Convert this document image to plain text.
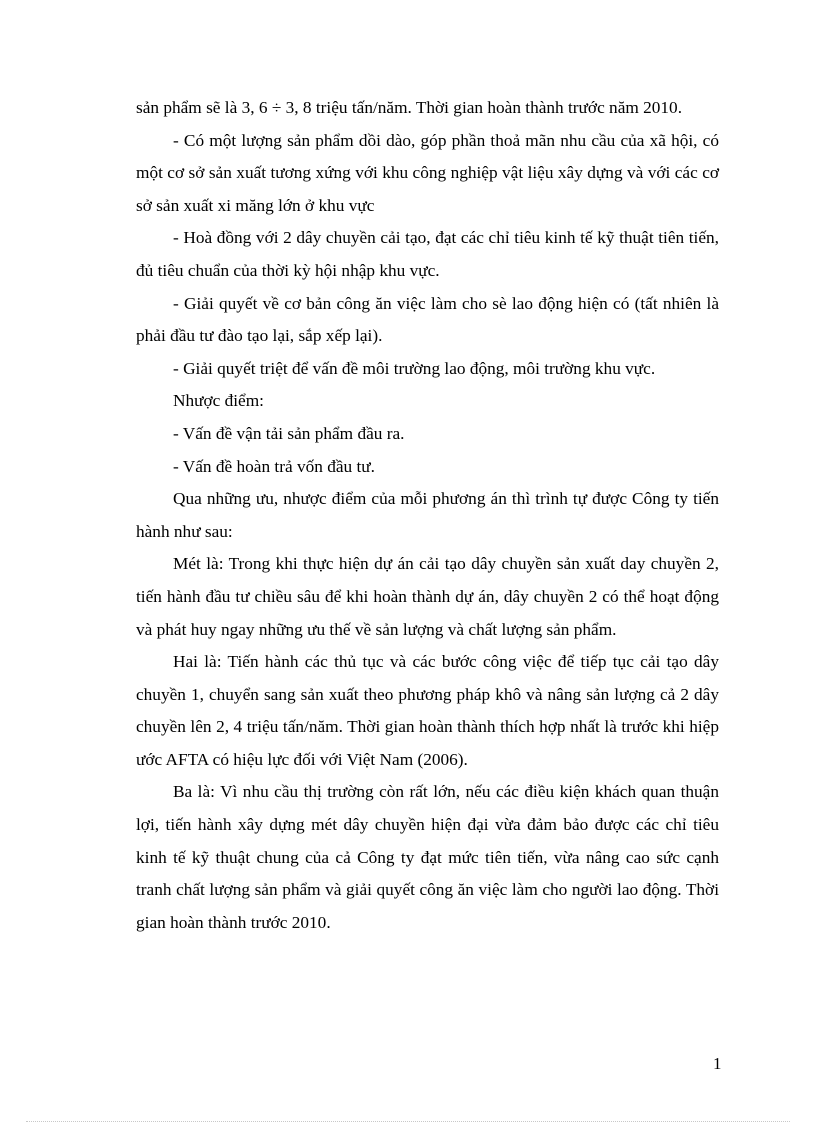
sản phẩm sẽ là 3, 6 ÷ 3, 8 triệu tấn/năm. Thời gian hoàn thành trước năm 2010.

- Có một lượng sản phẩm dồi dào, góp phần thoả mãn nhu cầu của xã hội, có một cơ sở sản xuất tương xứng với khu công nghiệp vật liệu xây dựng và với các cơ sở sản xuất xi măng lớn ở khu vực

- Hoà đồng với 2 dây chuyền cải tạo, đạt các chỉ tiêu kinh tế kỹ thuật tiên tiến, đủ tiêu chuẩn của thời kỳ hội nhập khu vực.

- Giải quyết về cơ bản công ăn việc làm cho sè lao động hiện có (tất nhiên là phải đầu tư đào tạo lại, sắp xếp lại).

- Giải quyết triệt để vấn đề môi trường lao động, môi trường khu vực.

Nhược điểm:

- Vấn đề vận tải sản phẩm đầu ra.

- Vấn đề hoàn trả vốn đầu tư.

Qua những ưu, nhược điểm của mỗi phương án thì trình tự được Công ty tiến hành như sau:

Mét là: Trong khi thực hiện dự án cải tạo dây chuyền sản xuất day chuyền 2, tiến hành đầu tư chiều sâu để khi hoàn thành dự án, dây chuyền 2 có thể hoạt động và phát huy ngay những ưu thế về sản lượng và chất lượng sản phẩm.

Hai là: Tiến hành các thủ tục và các bước công việc để tiếp tục cải tạo dây chuyền 1, chuyển sang sản xuất theo phương pháp khô và nâng sản lượng cả 2 dây chuyền lên 2, 4 triệu tấn/năm. Thời gian hoàn thành thích hợp nhất là trước khi hiệp ước AFTA có hiệu lực đối với Việt Nam (2006).

Ba là: Vì nhu cầu thị trường còn rất lớn, nếu các điều kiện khách quan thuận lợi, tiến hành xây dựng mét dây chuyền hiện đại vừa đảm bảo được các chỉ tiêu kinh tế kỹ thuật chung của cả Công ty đạt mức tiên tiến, vừa nâng cao sức cạnh tranh chất lượng sản phẩm và giải quyết công ăn việc làm cho người lao động. Thời gian hoàn thành trước 2010.

1
